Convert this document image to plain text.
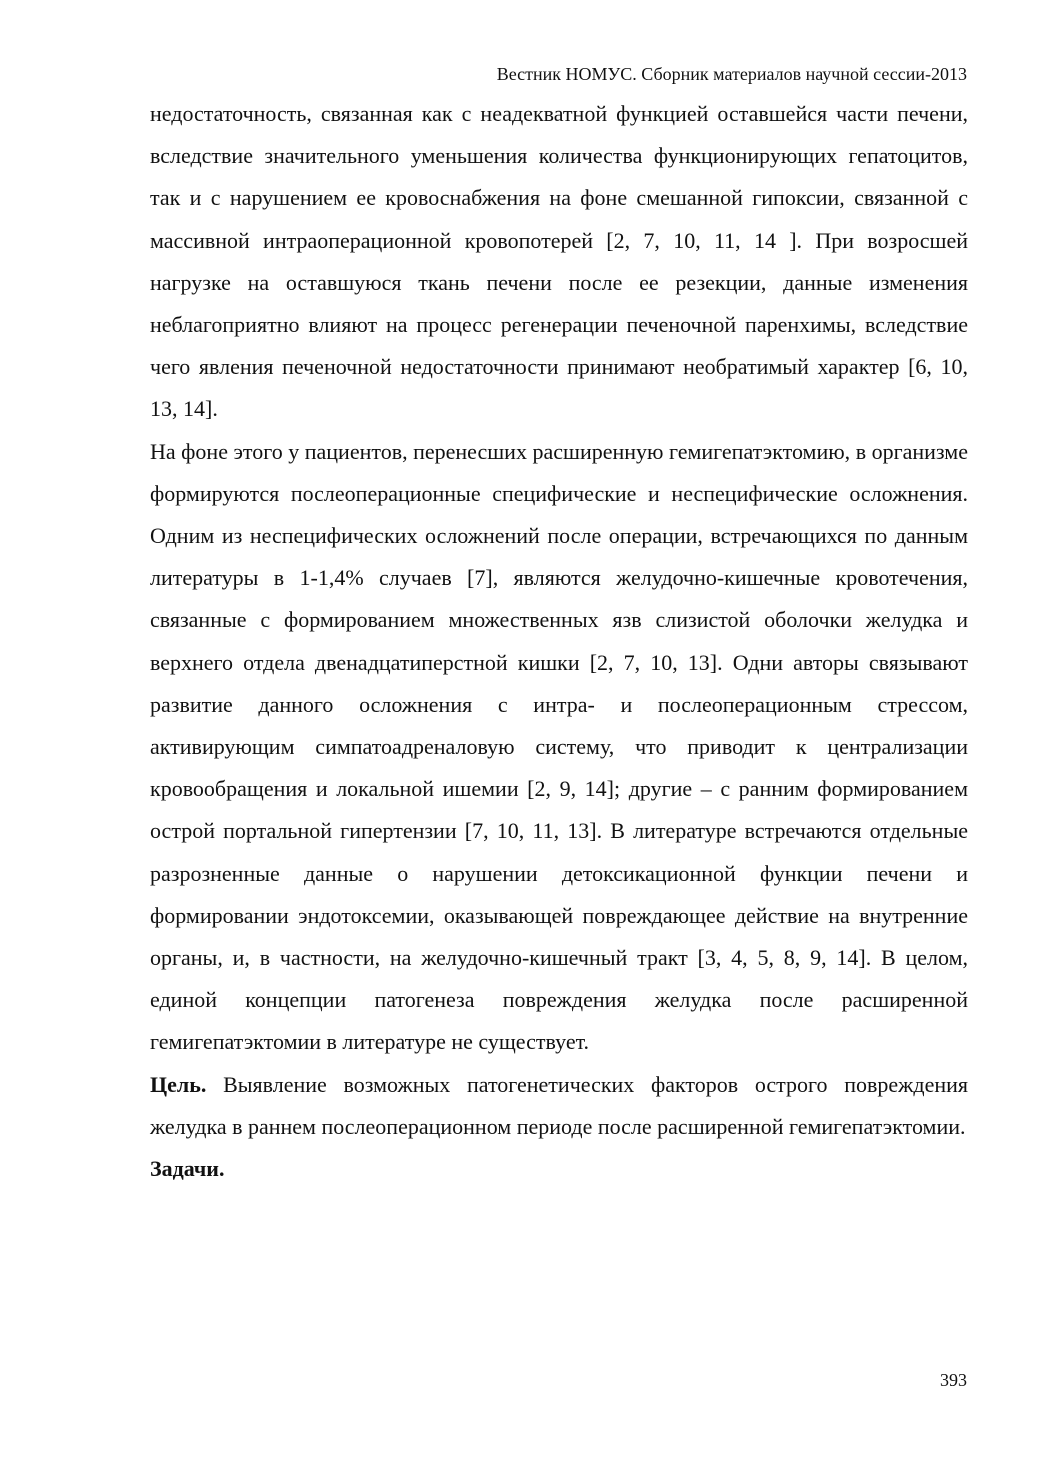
Вестник НОМУС. Сборник материалов научной сессии-2013

недостаточность, связанная как с неадекватной функцией оставшейся части печени, вследствие значительного уменьшения количества функционирующих гепатоцитов, так и с нарушением ее кровоснабжения на фоне смешанной гипоксии, связанной с массивной интраоперационной кровопотерей [2, 7, 10, 11, 14 ]. При возросшей нагрузке на оставшуюся ткань печени после ее резекции, данные изменения неблагоприятно влияют на процесс регенерации печеночной паренхимы, вследствие чего явления печеночной недостаточности принимают необратимый характер [6, 10, 13, 14].

На фоне этого у пациентов, перенесших расширенную гемигепатэктомию, в организме формируются послеоперационные специфические и неспецифические осложнения. Одним из неспецифических осложнений после операции, встречающихся по данным литературы в 1-1,4% случаев [7], являются желудочно-кишечные кровотечения, связанные с формированием множественных язв слизистой оболочки желудка и верхнего отдела двенадцатиперстной кишки [2, 7, 10, 13]. Одни авторы связывают развитие данного осложнения с интра- и послеоперационным стрессом, активирующим симпатоадреналовую систему, что приводит к централизации кровообращения и локальной ишемии [2, 9, 14]; другие – с ранним формированием острой портальной гипертензии [7, 10, 11, 13]. В литературе встречаются отдельные разрозненные данные о нарушении детоксикационной функции печени и формировании эндотоксемии, оказывающей повреждающее действие на внутренние органы, и, в частности, на желудочно-кишечный тракт [3, 4, 5, 8, 9, 14]. В целом, единой концепции патогенеза повреждения желудка после расширенной гемигепатэктомии в литературе не существует.

Цель. Выявление возможных патогенетических факторов острого повреждения желудка в раннем послеоперационном периоде после расширенной гемигепатэктомии.

Задачи.

393
